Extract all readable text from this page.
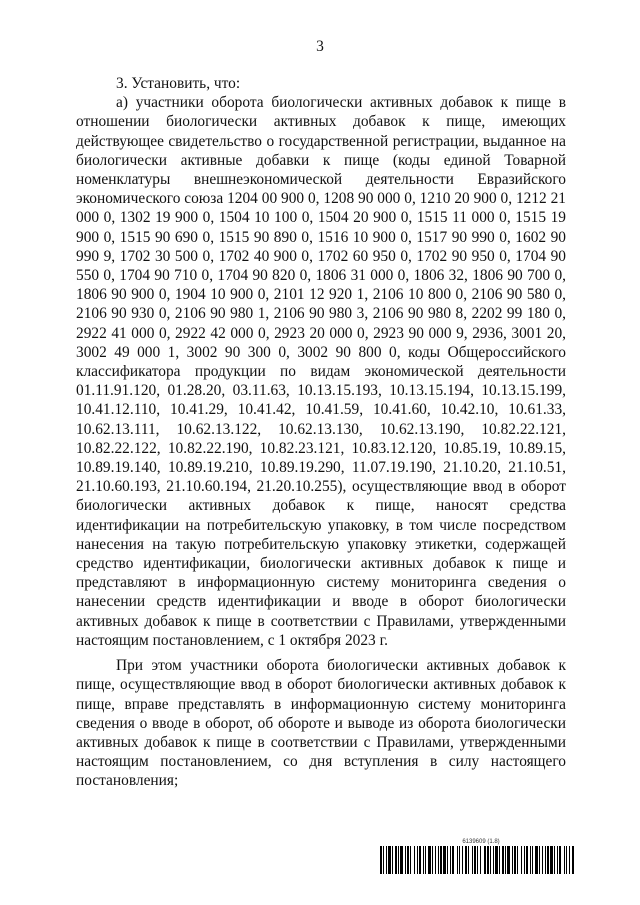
3

3. Установить, что:

а) участники оборота биологически активных добавок к пище в отношении биологически активных добавок к пище, имеющих действующее свидетельство о государственной регистрации, выданное на биологически активные добавки к пище (коды единой Товарной номенклатуры внешнеэкономической деятельности Евразийского экономического союза 1204 00 900 0, 1208 90 000 0, 1210 20 900 0, 1212 21 000 0, 1302 19 900 0, 1504 10 100 0, 1504 20 900 0, 1515 11 000 0, 1515 19 900 0, 1515 90 690 0, 1515 90 890 0, 1516 10 900 0, 1517 90 990 0, 1602 90 990 9, 1702 30 500 0, 1702 40 900 0, 1702 60 950 0, 1702 90 950 0, 1704 90 550 0, 1704 90 710 0, 1704 90 820 0, 1806 31 000 0, 1806 32, 1806 90 700 0, 1806 90 900 0, 1904 10 900 0, 2101 12 920 1, 2106 10 800 0, 2106 90 580 0, 2106 90 930 0, 2106 90 980 1, 2106 90 980 3, 2106 90 980 8, 2202 99 180 0, 2922 41 000 0, 2922 42 000 0, 2923 20 000 0, 2923 90 000 9, 2936, 3001 20, 3002 49 000 1, 3002 90 300 0, 3002 90 800 0, коды Общероссийского классификатора продукции по видам экономической деятельности 01.11.91.120, 01.28.20, 03.11.63, 10.13.15.193, 10.13.15.194, 10.13.15.199, 10.41.12.110, 10.41.29, 10.41.42, 10.41.59, 10.41.60, 10.42.10, 10.61.33, 10.62.13.111, 10.62.13.122, 10.62.13.130, 10.62.13.190, 10.82.22.121, 10.82.22.122, 10.82.22.190, 10.82.23.121, 10.83.12.120, 10.85.19, 10.89.15, 10.89.19.140, 10.89.19.210, 10.89.19.290, 11.07.19.190, 21.10.20, 21.10.51, 21.10.60.193, 21.10.60.194, 21.20.10.255), осуществляющие ввод в оборот биологически активных добавок к пище, наносят средства идентификации на потребительскую упаковку, в том числе посредством нанесения на такую потребительскую упаковку этикетки, содержащей средство идентификации, биологически активных добавок к пище и представляют в информационную систему мониторинга сведения о нанесении средств идентификации и вводе в оборот биологически активных добавок к пище в соответствии с Правилами, утвержденными настоящим постановлением, с 1 октября 2023 г.

При этом участники оборота биологически активных добавок к пище, осуществляющие ввод в оборот биологически активных добавок к пище, вправе представлять в информационную систему мониторинга сведения о вводе в оборот, об обороте и выводе из оборота биологически активных добавок к пище в соответствии с Правилами, утвержденными настоящим постановлением, со дня вступления в силу настоящего постановления;

6139609 (1.8)
